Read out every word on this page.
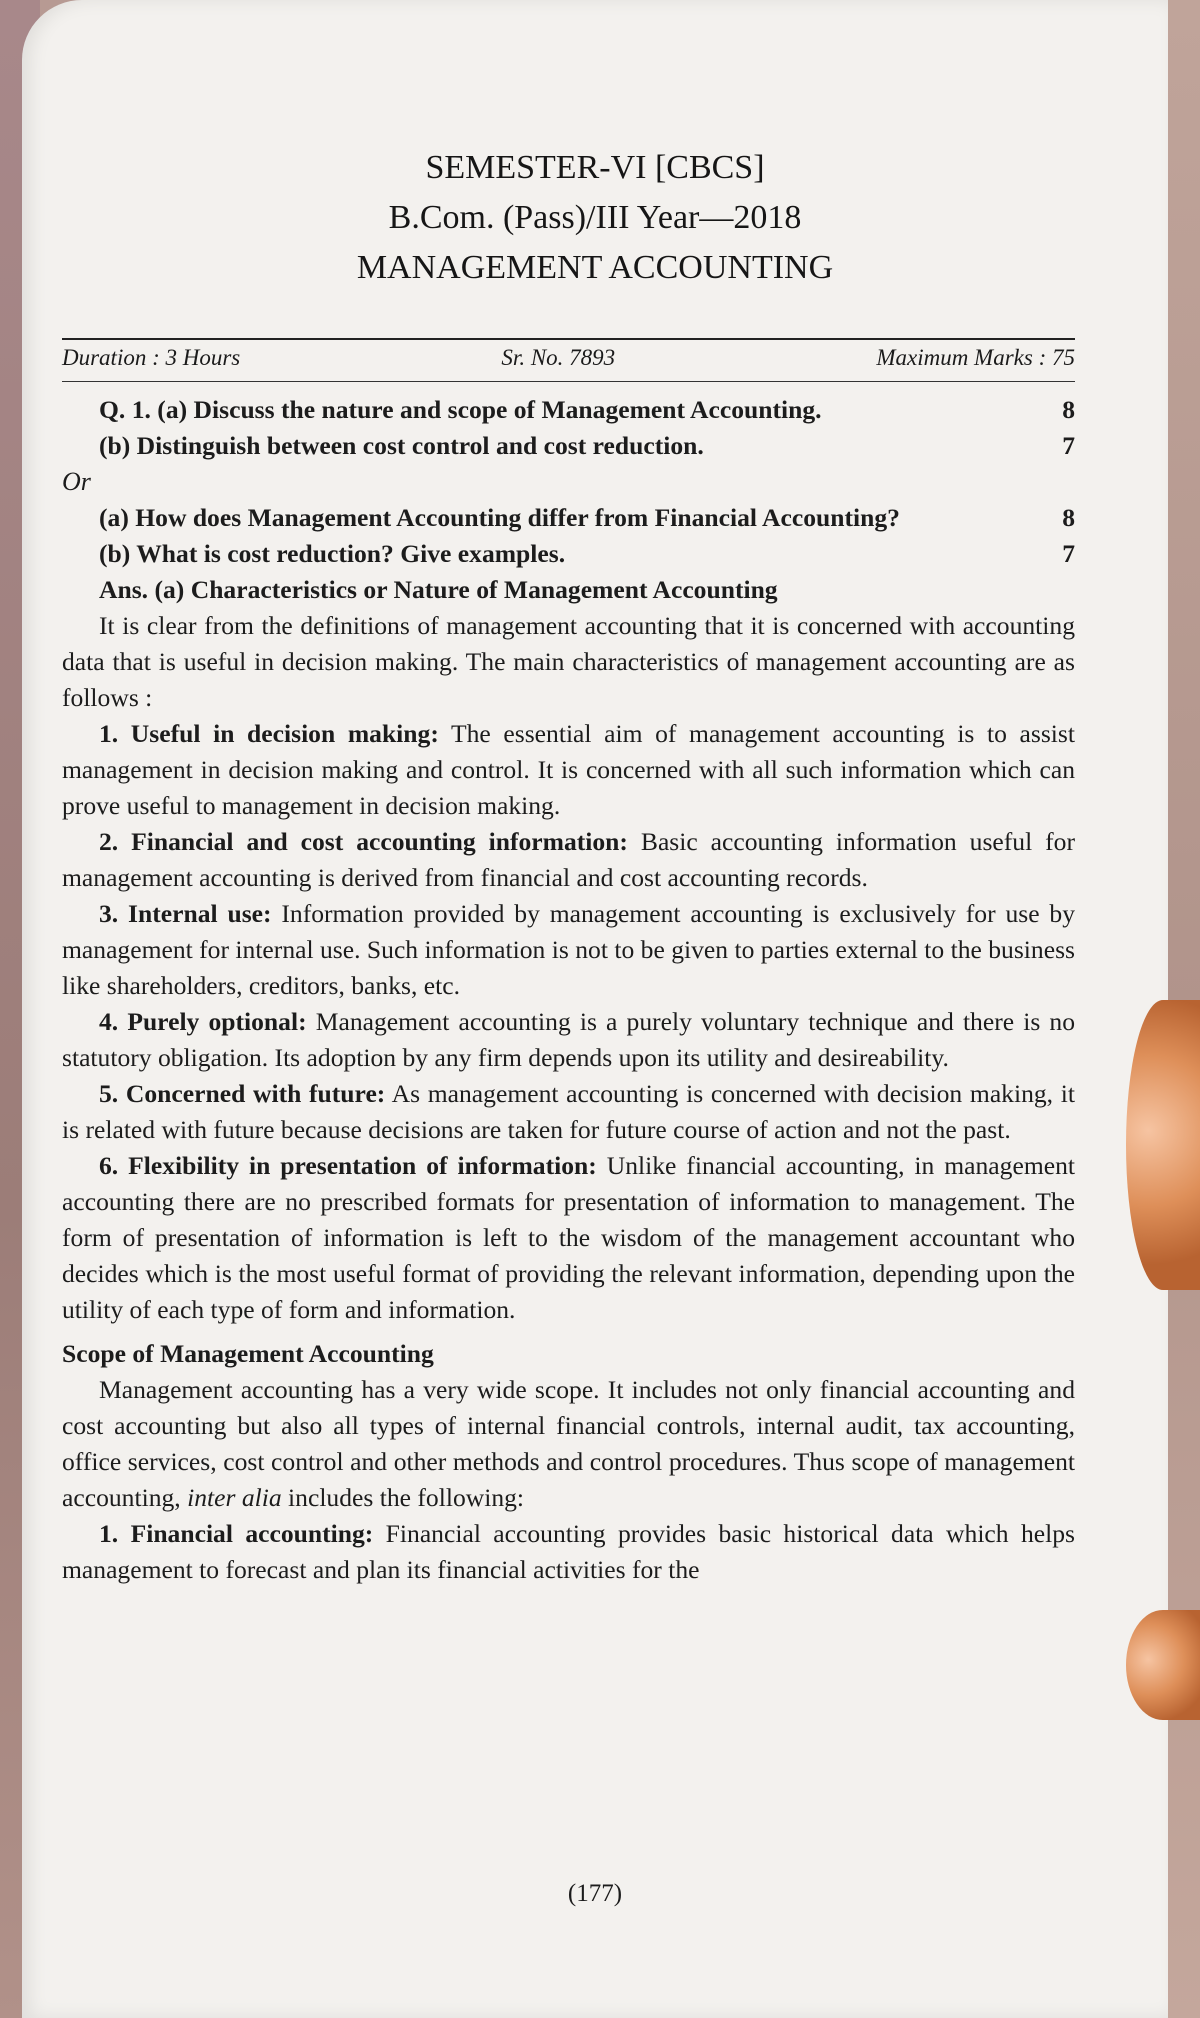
SEMESTER-VI [CBCS]

B.Com. (Pass)/III Year—2018

MANAGEMENT ACCOUNTING

Duration : 3 Hours	Sr. No. 7893	Maximum Marks : 75

Q. 1. (a) Discuss the nature and scope of Management Accounting.	8

(b) Distinguish between cost control and cost reduction.	7

Or

(a) How does Management Accounting differ from Financial Accounting?	8

(b) What is cost reduction? Give examples.	7

Ans. (a) Characteristics or Nature of Management Accounting

It is clear from the definitions of management accounting that it is concerned with accounting data that is useful in decision making. The main characteristics of management accounting are as follows :

1. Useful in decision making: The essential aim of management accounting is to assist management in decision making and control. It is concerned with all such information which can prove useful to management in decision making.

2. Financial and cost accounting information: Basic accounting information useful for management accounting is derived from financial and cost accounting records.

3. Internal use: Information provided by management accounting is exclusively for use by management for internal use. Such information is not to be given to parties external to the business like shareholders, creditors, banks, etc.

4. Purely optional: Management accounting is a purely voluntary technique and there is no statutory obligation. Its adoption by any firm depends upon its utility and desireability.

5. Concerned with future: As management accounting is concerned with decision making, it is related with future because decisions are taken for future course of action and not the past.

6. Flexibility in presentation of information: Unlike financial accounting, in management accounting there are no prescribed formats for presentation of information to management. The form of presentation of information is left to the wisdom of the management accountant who decides which is the most useful format of providing the relevant information, depending upon the utility of each type of form and information.

Scope of Management Accounting

Management accounting has a very wide scope. It includes not only financial accounting and cost accounting but also all types of internal financial controls, internal audit, tax accounting, office services, cost control and other methods and control procedures. Thus scope of management accounting, inter alia includes the following:

1. Financial accounting: Financial accounting provides basic historical data which helps management to forecast and plan its financial activities for the

(177)
